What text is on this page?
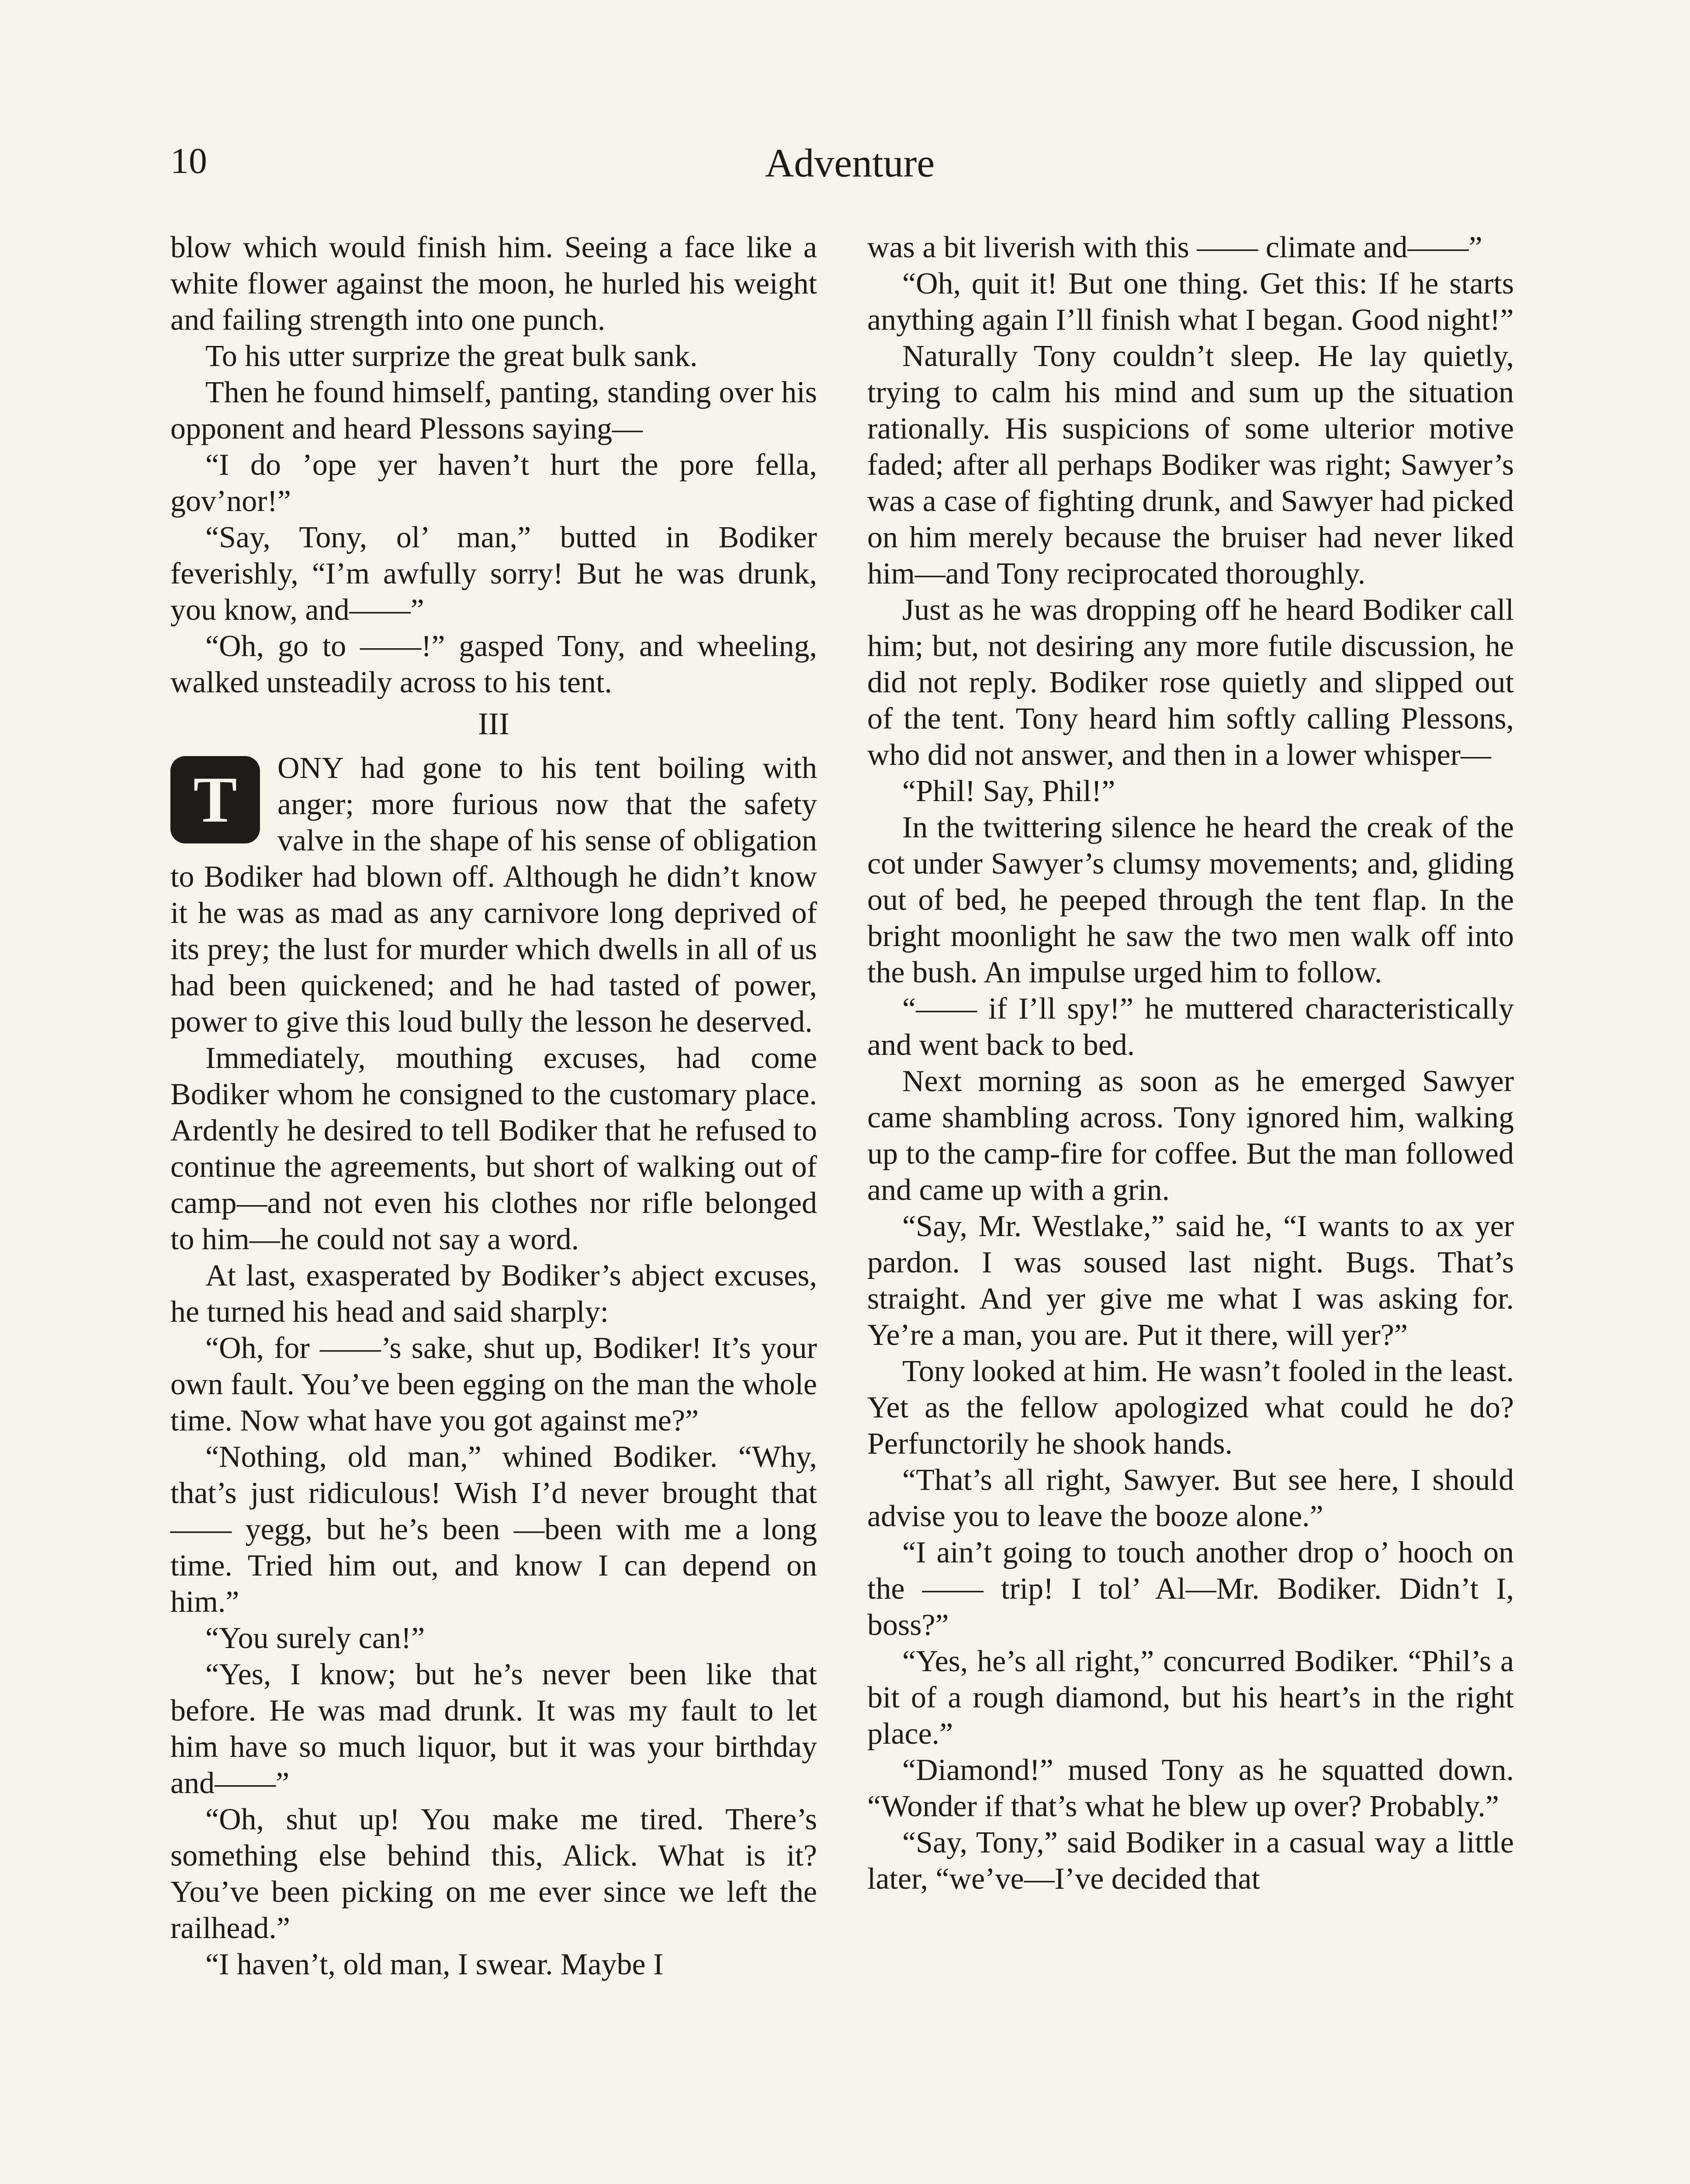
10	Adventure

blow which would finish him. Seeing a face like a white flower against the moon, he hurled his weight and failing strength into one punch.

To his utter surprize the great bulk sank.

Then he found himself, panting, standing over his opponent and heard Plessons saying—

“I do ’ope yer haven’t hurt the pore fella, gov’nor!”

“Say, Tony, ol’ man,” butted in Bodiker feverishly, “I’m awfully sorry! But he was drunk, you know, and——”

“Oh, go to ——!” gasped Tony, and wheeling, walked unsteadily across to his tent.

III

T	ONY had gone to his tent boiling with anger; more furious now that the safety valve in the shape of his sense of obligation to Bodiker had blown off. Although he didn’t know it he was as mad as any carnivore long deprived of its prey; the lust for murder which dwells in all of us had been quickened; and he had tasted of power, power to give this loud bully the lesson he deserved.

Immediately, mouthing excuses, had come Bodiker whom he consigned to the customary place. Ardently he desired to tell Bodiker that he refused to continue the agreements, but short of walking out of camp—and not even his clothes nor rifle belonged to him—he could not say a word.

At last, exasperated by Bodiker’s abject excuses, he turned his head and said sharply:

“Oh, for ——’s sake, shut up, Bodiker! It’s your own fault. You’ve been egging on the man the whole time. Now what have you got against me?”

“Nothing, old man,” whined Bodiker. “Why, that’s just ridiculous! Wish I’d never brought that —— yegg, but he’s been —been with me a long time. Tried him out, and know I can depend on him.”

“You surely can!”

“Yes, I know; but he’s never been like that before. He was mad drunk. It was my fault to let him have so much liquor, but it was your birthday and——”

“Oh, shut up! You make me tired. There’s something else behind this, Alick. What is it? You’ve been picking on me ever since we left the railhead.”

“I haven’t, old man, I swear. Maybe I

was a bit liverish with this —— climate and——”

“Oh, quit it! But one thing. Get this: If he starts anything again I’ll finish what I began. Good night!”

Naturally Tony couldn’t sleep. He lay quietly, trying to calm his mind and sum up the situation rationally. His suspicions of some ulterior motive faded; after all perhaps Bodiker was right; Sawyer’s was a case of fighting drunk, and Sawyer had picked on him merely because the bruiser had never liked him—and Tony reciprocated thoroughly.

Just as he was dropping off he heard Bodiker call him; but, not desiring any more futile discussion, he did not reply. Bodiker rose quietly and slipped out of the tent. Tony heard him softly calling Plessons, who did not answer, and then in a lower whisper—

“Phil! Say, Phil!”

In the twittering silence he heard the creak of the cot under Sawyer’s clumsy movements; and, gliding out of bed, he peeped through the tent flap. In the bright moonlight he saw the two men walk off into the bush. An impulse urged him to follow.

“—— if I’ll spy!” he muttered characteristically and went back to bed.

Next morning as soon as he emerged Sawyer came shambling across. Tony ignored him, walking up to the camp-fire for coffee. But the man followed and came up with a grin.

“Say, Mr. Westlake,” said he, “I wants to ax yer pardon. I was soused last night. Bugs. That’s straight. And yer give me what I was asking for. Ye’re a man, you are. Put it there, will yer?”

Tony looked at him. He wasn’t fooled in the least. Yet as the fellow apologized what could he do? Perfunctorily he shook hands.

“That’s all right, Sawyer. But see here, I should advise you to leave the booze alone.”

“I ain’t going to touch another drop o’ hooch on the —— trip! I tol’ Al—Mr. Bodiker. Didn’t I, boss?”

“Yes, he’s all right,” concurred Bodiker. “Phil’s a bit of a rough diamond, but his heart’s in the right place.”

“Diamond!” mused Tony as he squatted down. “Wonder if that’s what he blew up over? Probably.”

“Say, Tony,” said Bodiker in a casual way a little later, “we’ve—I’ve decided that
